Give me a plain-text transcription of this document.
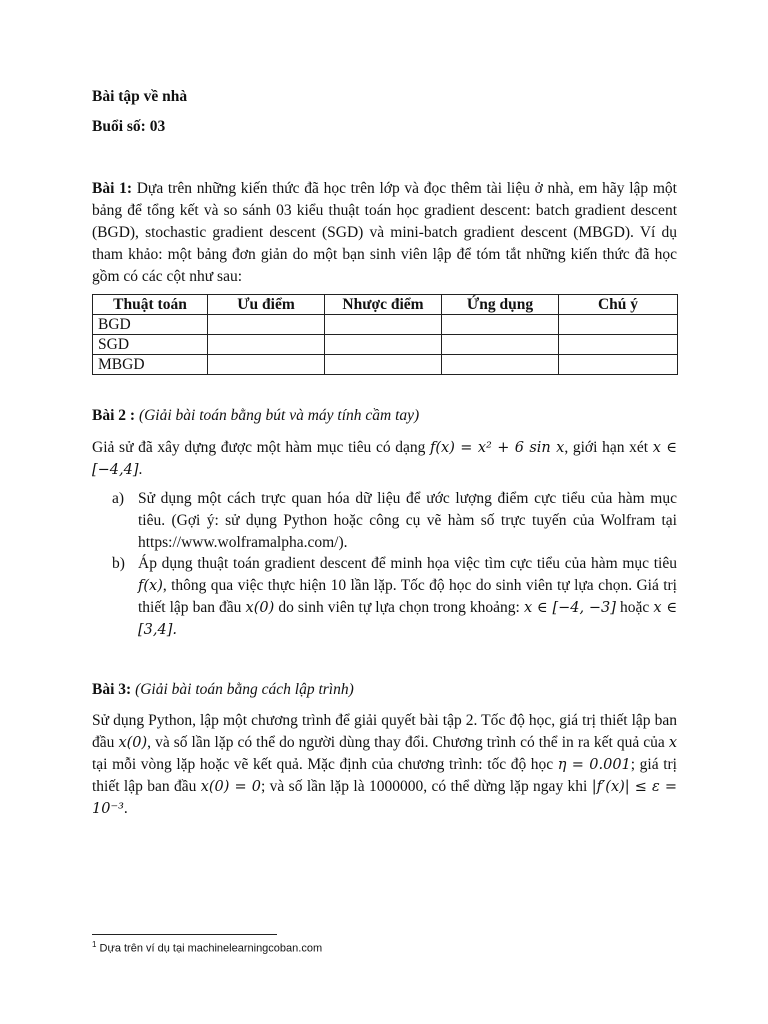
Bài tập về nhà
Buổi số: 03
Bài 1: Dựa trên những kiến thức đã học trên lớp và đọc thêm tài liệu ở nhà, em hãy lập một bảng để tổng kết và so sánh 03 kiểu thuật toán học gradient descent: batch gradient descent (BGD), stochastic gradient descent (SGD) và mini-batch gradient descent (MBGD). Ví dụ tham khảo: một bảng đơn giản do một bạn sinh viên lập để tóm tắt những kiến thức đã học gồm có các cột như sau:
Thuật toán	Ưu điểm	Nhược điểm	Ứng dụng	Chú ý
BGD				
SGD				
MBGD				
Bài 2 : (Giải bài toán bằng bút và máy tính cầm tay)
Giả sử đã xây dựng được một hàm mục tiêu có dạng f(x) = x² + 6 sin x, giới hạn xét x ∈ [−4,4].
a) Sử dụng một cách trực quan hóa dữ liệu để ước lượng điểm cực tiểu của hàm mục tiêu. (Gợi ý: sử dụng Python hoặc công cụ vẽ hàm số trực tuyến của Wolfram tại https://www.wolframalpha.com/).
b) Áp dụng thuật toán gradient descent để minh họa việc tìm cực tiểu của hàm mục tiêu f(x), thông qua việc thực hiện 10 lần lặp. Tốc độ học do sinh viên tự lựa chọn. Giá trị thiết lập ban đầu x(0) do sinh viên tự lựa chọn trong khoảng: x ∈ [−4, −3] hoặc x ∈ [3,4].
Bài 3: (Giải bài toán bằng cách lập trình)
Sử dụng Python, lập một chương trình để giải quyết bài tập 2. Tốc độ học, giá trị thiết lập ban đầu x(0), và số lần lặp có thể do người dùng thay đổi. Chương trình có thể in ra kết quả của x tại mỗi vòng lặp hoặc vẽ kết quả. Mặc định của chương trình: tốc độ học η = 0.001; giá trị thiết lập ban đầu x(0) = 0; và số lần lặp là 1000000, có thể dừng lặp ngay khi |f′(x)| ≤ ε = 10⁻³.
$^1$ Dựa trên ví dụ tại machinelearningcoban.com
